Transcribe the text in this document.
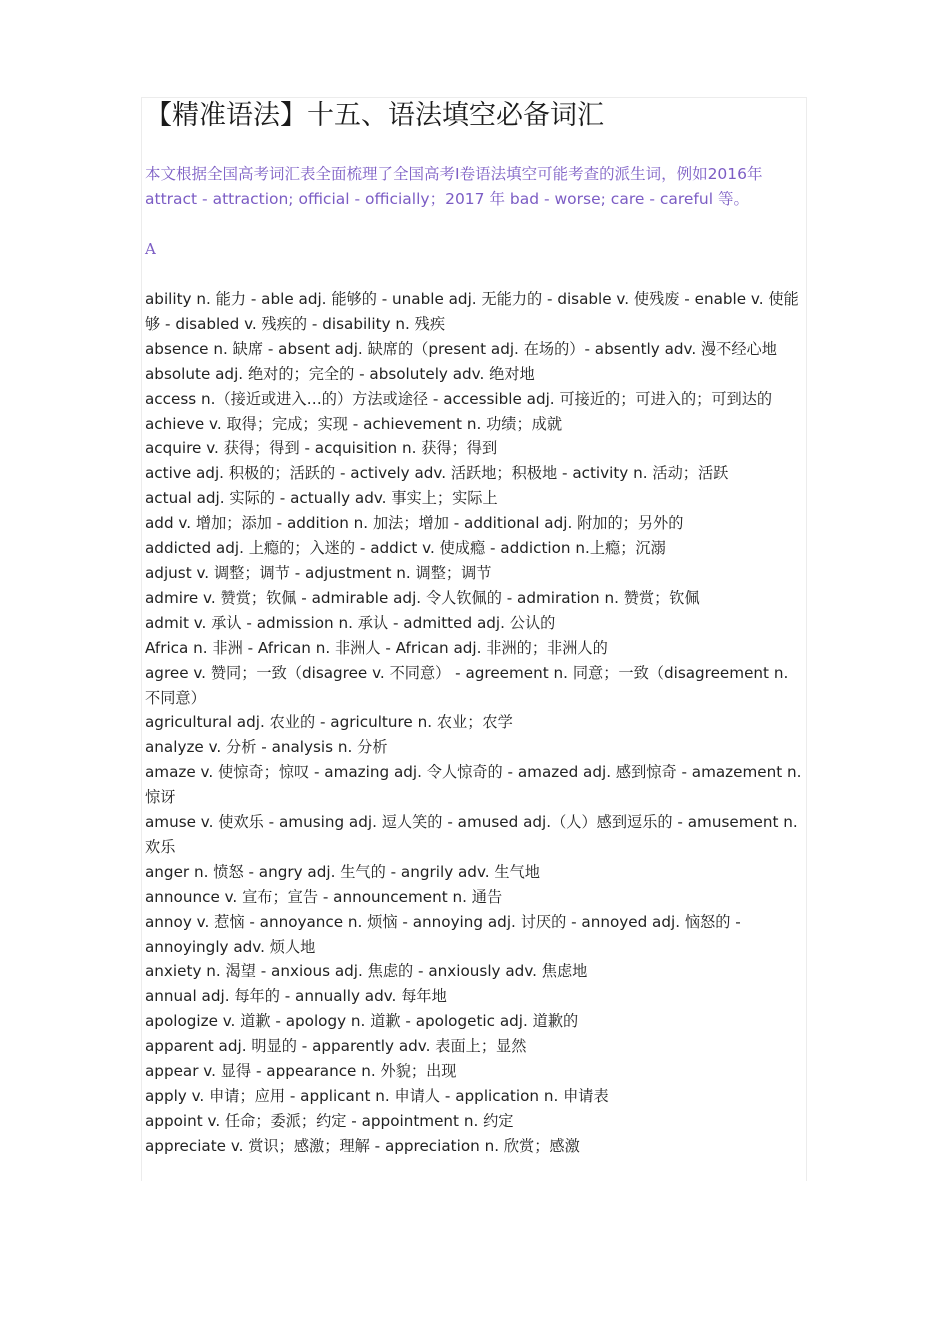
【精准语法】十五、语法填空必备词汇
本文根据全国高考词汇表全面梳理了全国高考Ⅰ卷语法填空可能考查的派生词，例如2016年 attract - attraction; official - officially；2017 年 bad - worse; care - careful 等。
A

ability n. 能力 - able adj. 能够的 - unable adj. 无能力的 - disable v. 使残废 - enable v. 使能够 - disabled v. 残疾的 - disability n. 残疾

absence n. 缺席 - absent adj. 缺席的（present adj. 在场的）- absently adv. 漫不经心地

absolute adj. 绝对的；完全的 - absolutely adv. 绝对地

access n.（接近或进入…的）方法或途径 - accessible adj. 可接近的；可进入的；可到达的

achieve v. 取得；完成；实现 - achievement n. 功绩；成就

acquire v. 获得；得到 - acquisition n. 获得；得到

active adj. 积极的；活跃的 - actively adv. 活跃地；积极地 - activity n. 活动；活跃

actual adj. 实际的 - actually adv. 事实上；实际上

add v. 增加；添加 - addition n. 加法；增加 - additional adj. 附加的；另外的

addicted adj. 上瘾的；入迷的 - addict v. 使成瘾 - addiction n.上瘾；沉溺

adjust v. 调整；调节 - adjustment n. 调整；调节

admire v. 赞赏；钦佩 - admirable adj. 令人钦佩的 - admiration n. 赞赏；钦佩

admit v. 承认 - admission n. 承认 - admitted adj. 公认的

Africa n. 非洲 - African n. 非洲人 - African adj. 非洲的；非洲人的

agree v. 赞同；一致（disagree v. 不同意） - agreement n. 同意；一致（disagreement n. 不同意）

agricultural adj. 农业的 - agriculture n. 农业；农学

analyze v. 分析 - analysis n. 分析

amaze v. 使惊奇；惊叹 - amazing adj. 令人惊奇的 - amazed adj. 感到惊奇 - amazement n. 惊讶

amuse v. 使欢乐 - amusing adj. 逗人笑的 - amused adj.（人）感到逗乐的 - amusement n. 欢乐

anger n. 愤怒 - angry adj. 生气的 - angrily adv. 生气地

announce v. 宣布；宣告 - announcement n. 通告

annoy v. 惹恼 - annoyance n. 烦恼 - annoying adj. 讨厌的 - annoyed adj. 恼怒的 - annoyingly adv. 烦人地

anxiety n. 渴望 - anxious adj. 焦虑的 - anxiously adv. 焦虑地

annual adj. 每年的 - annually adv. 每年地

apologize v. 道歉 - apology n. 道歉 - apologetic adj. 道歉的

apparent adj. 明显的 - apparently adv. 表面上；显然

appear v. 显得 - appearance n. 外貌；出现

apply v. 申请；应用 - applicant n. 申请人 - application n. 申请表

appoint v. 任命；委派；约定 - appointment n. 约定

appreciate v. 赏识；感激；理解 - appreciation n. 欣赏；感激
